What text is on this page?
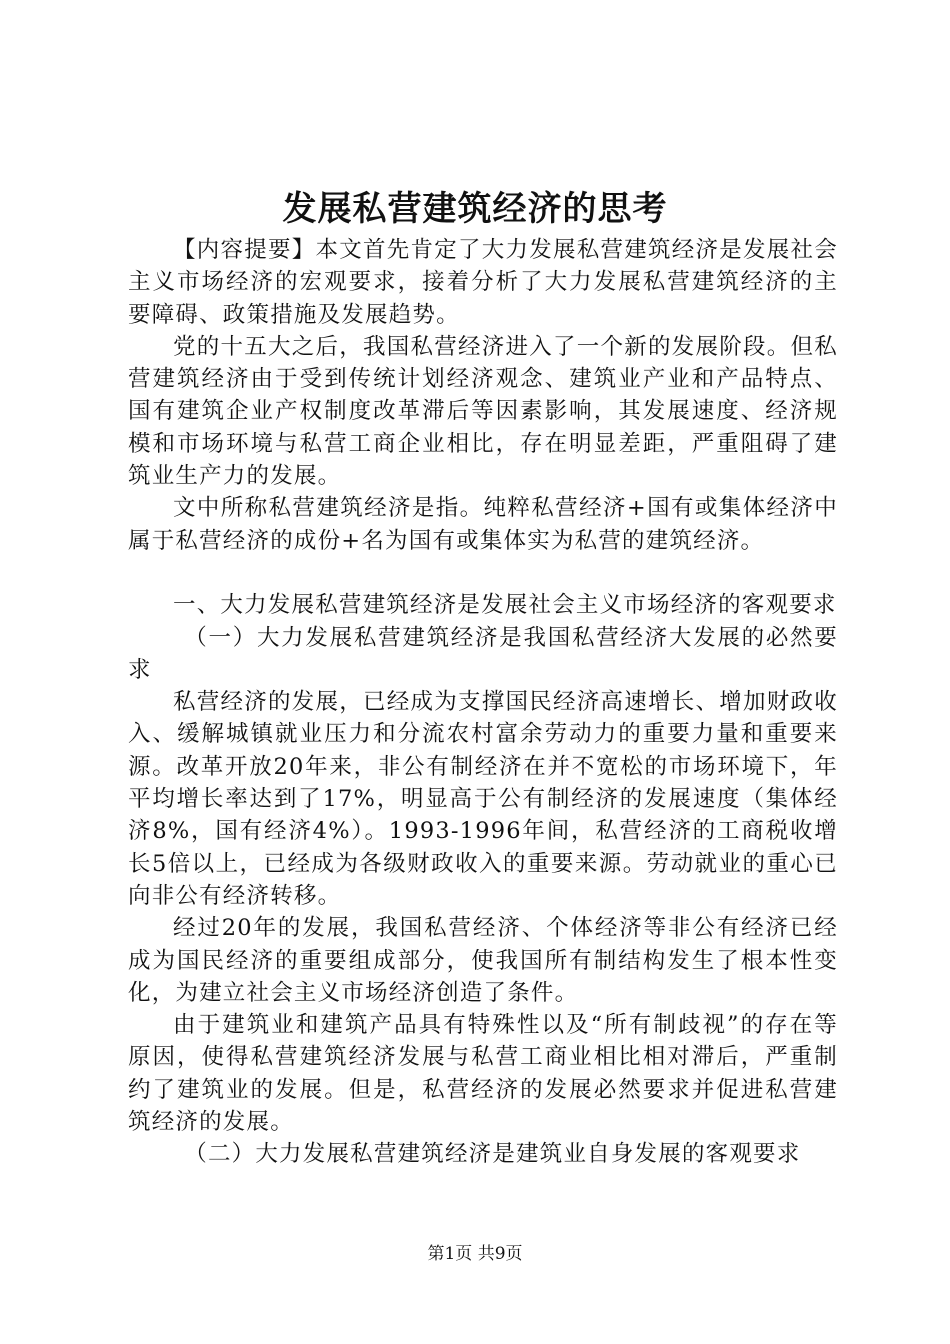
发展私营建筑经济的思考

【内容提要】本文首先肯定了大力发展私营建筑经济是发展社会主义市场经济的宏观要求，接着分析了大力发展私营建筑经济的主要障碍、政策措施及发展趋势。

党的十五大之后，我国私营经济进入了一个新的发展阶段。但私营建筑经济由于受到传统计划经济观念、建筑业产业和产品特点、国有建筑企业产权制度改革滞后等因素影响，其发展速度、经济规模和市场环境与私营工商企业相比，存在明显差距，严重阻碍了建筑业生产力的发展。

文中所称私营建筑经济是指。纯粹私营经济+国有或集体经济中属于私营经济的成份+名为国有或集体实为私营的建筑经济。

一、大力发展私营建筑经济是发展社会主义市场经济的客观要求

（一）大力发展私营建筑经济是我国私营经济大发展的必然要求

私营经济的发展，已经成为支撑国民经济高速增长、增加财政收入、缓解城镇就业压力和分流农村富余劳动力的重要力量和重要来源。改革开放20年来，非公有制经济在并不宽松的市场环境下，年平均增长率达到了17%，明显高于公有制经济的发展速度（集体经济8%，国有经济4%）。1993-1996年间，私营经济的工商税收增长5倍以上，已经成为各级财政收入的重要来源。劳动就业的重心已向非公有经济转移。

经过20年的发展，我国私营经济、个体经济等非公有经济已经成为国民经济的重要组成部分，使我国所有制结构发生了根本性变化，为建立社会主义市场经济创造了条件。

由于建筑业和建筑产品具有特殊性以及“所有制歧视”的存在等原因，使得私营建筑经济发展与私营工商业相比相对滞后，严重制约了建筑业的发展。但是，私营经济的发展必然要求并促进私营建筑经济的发展。

（二）大力发展私营建筑经济是建筑业自身发展的客观要求

第1页 共9页
